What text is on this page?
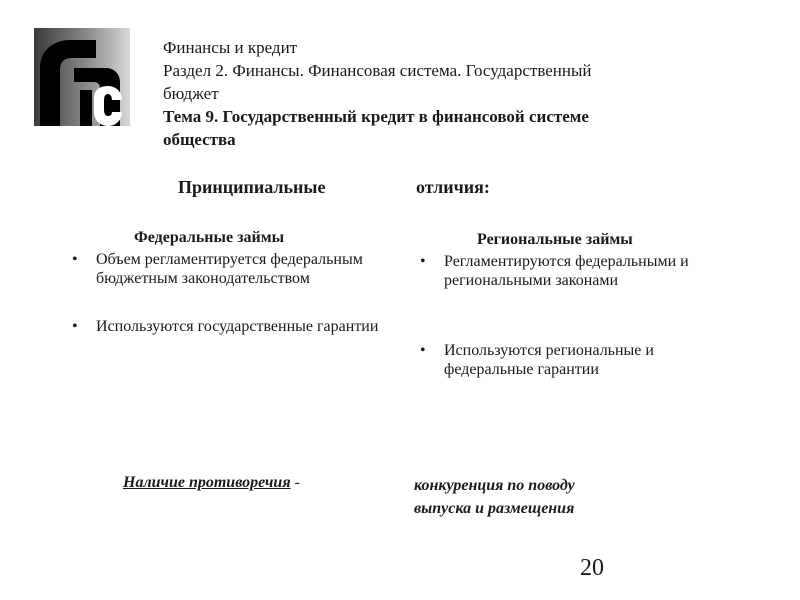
Финансы и кредит
Раздел 2. Финансы. Финансовая система. Государственный
бюджет
Тема 9. Государственный кредит в финансовой системе
общества
Принципиальные	отличия:
Федеральные займы
• Объем регламентируется федеральным бюджетным законодательством
• Используются государственные гарантии
Региональные займы
• Регламентируются федеральными и региональными законами
• Используются региональные и федеральные гарантии
Наличие противоречия -	конкуренция по поводу
выпуска и размещения
20
